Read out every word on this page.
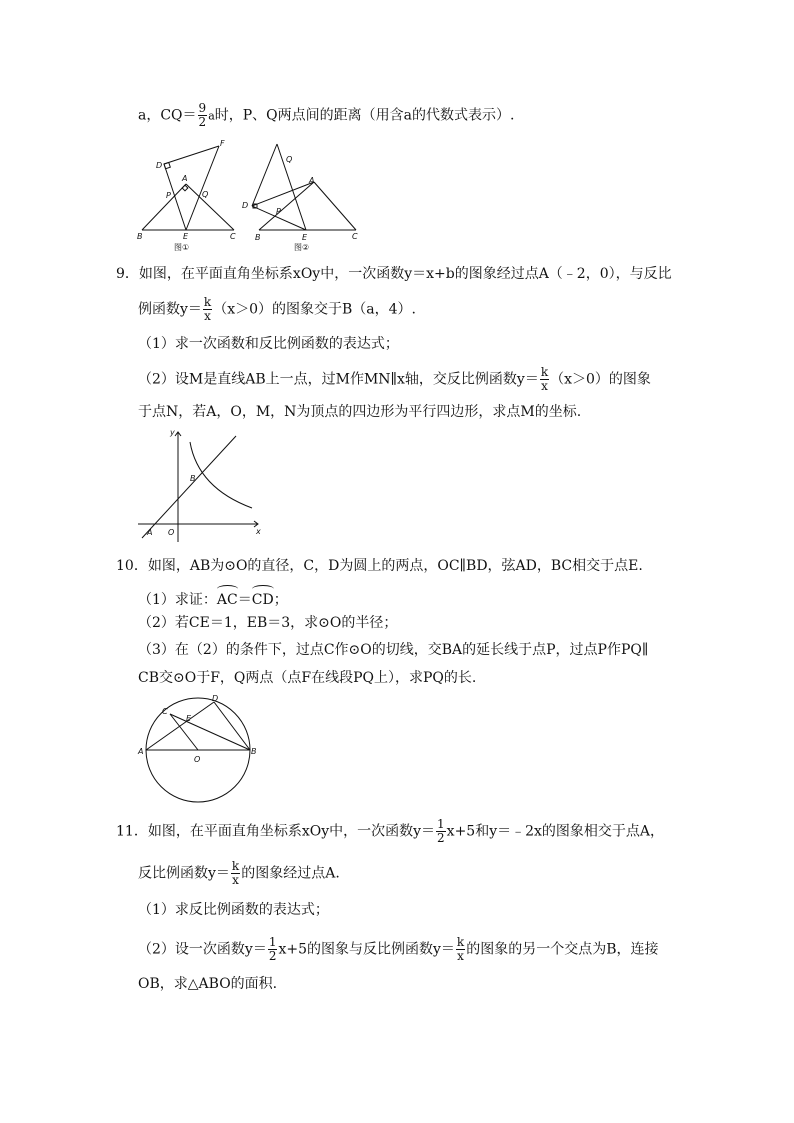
a，$CQ= \frac{9}{2}$ a时，P、Q两点间的距离（用含a的代数式表示）.
D
F
A
P	Q
B	E	C
Q
A
D
P
B	E	C
图①	图②
9．如图，在平面直角坐标系xOy中，一次函数y＝x+b的图象经过点A（﹣2，0），与反比
例函数$y= \frac{k}{x} (x>0)$的图象交于B（a，4）.
（1）求一次函数和反比例函数的表达式；
（2）设M是直线AB上一点，过M作MN∥x轴，交反比例函数$y= \frac{k}{x} (x>0)$的图象
于点N，若A，O，M，N为顶点的四边形为平行四边形，求点M的坐标.
y
x
O
A
B
10．如图，AB为⊙O的直径，C，D为圆上的两点，OC∥BD，弦AD，BC相交于点E.
（1）求证：AC＝CD；
（2）若CE＝1，EB＝3，求⊙O的半径；
（3）在（2）的条件下，过点C作⊙O的切线，交BA的延长线于点P，过点P作PQ∥
CB交⊙O于F，Q两点（点F在线段PQ上），求PQ的长.
C
E
D
A
O
B
11．如图，在平面直角坐标系xOy中，一次函数$y= \frac{1}{2} x+5$和y＝﹣2x的图象相交于点A，
反比例函数$y= \frac{k}{x}$ 的图象经过点A.
（1）求反比例函数的表达式；
（2）设一次函数$y= \frac{1}{2} x+5$的图象与反比例函数$y= \frac{k}{x}$ 的图象的另一个交点为B，连接
OB，求△ABO的面积.
